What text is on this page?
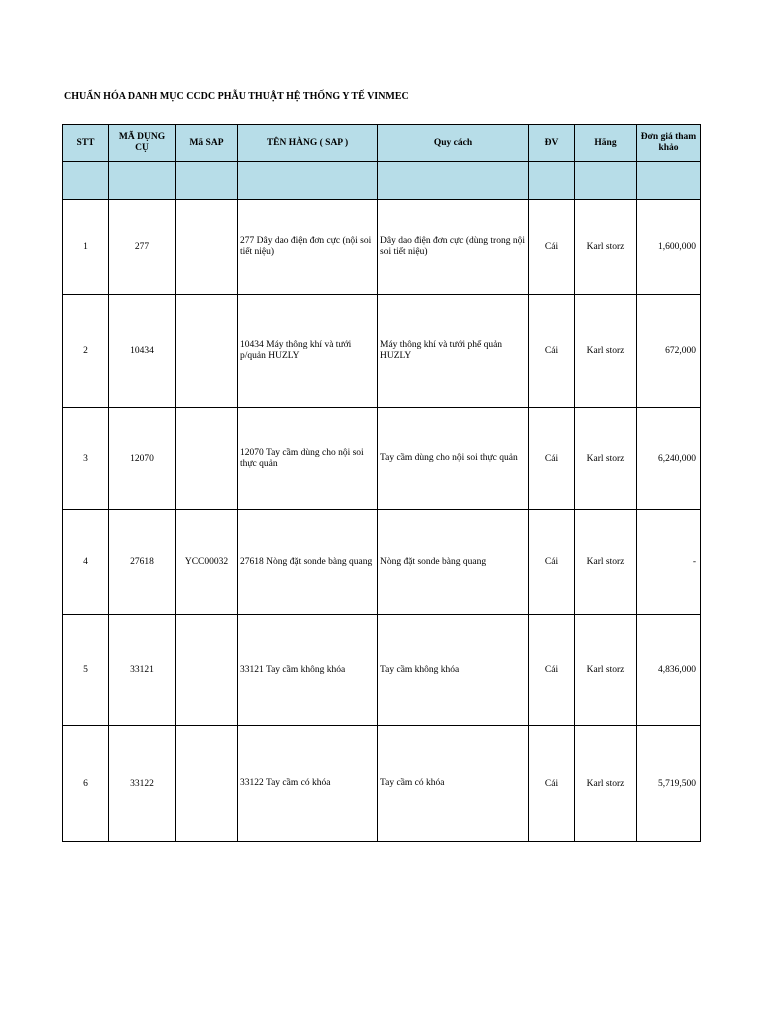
CHUẨN HÓA DANH MỤC CCDC PHẪU THUẬT HỆ THỐNG Y TẾ VINMEC
STT	MÃ DỤNG CỤ	Mã SAP	TÊN HÀNG ( SAP )	Quy cách	ĐV	Hãng	Đơn giá tham khảo

1	277		277 Dây dao điện đơn cực (nội soi tiết niệu)	Dây dao điện đơn cực (dùng trong nội soi tiết niệu)	Cái	Karl storz	1,600,000
2	10434		10434 Máy thông khí và tưới p/quản HUZLY	Máy thông khí và tưới phế quản HUZLY	Cái	Karl storz	672,000
3	12070		12070 Tay cầm dùng cho nội soi thực quản	Tay cầm dùng cho nội soi thực quản	Cái	Karl storz	6,240,000
4	27618	YCC00032	27618 Nòng đặt sonde bàng quang	Nòng đặt sonde bàng quang	Cái	Karl storz	-
5	33121		33121 Tay cầm không khóa	Tay cầm không khóa	Cái	Karl storz	4,836,000
6	33122		33122 Tay cầm có khóa	Tay cầm có khóa	Cái	Karl storz	5,719,500
